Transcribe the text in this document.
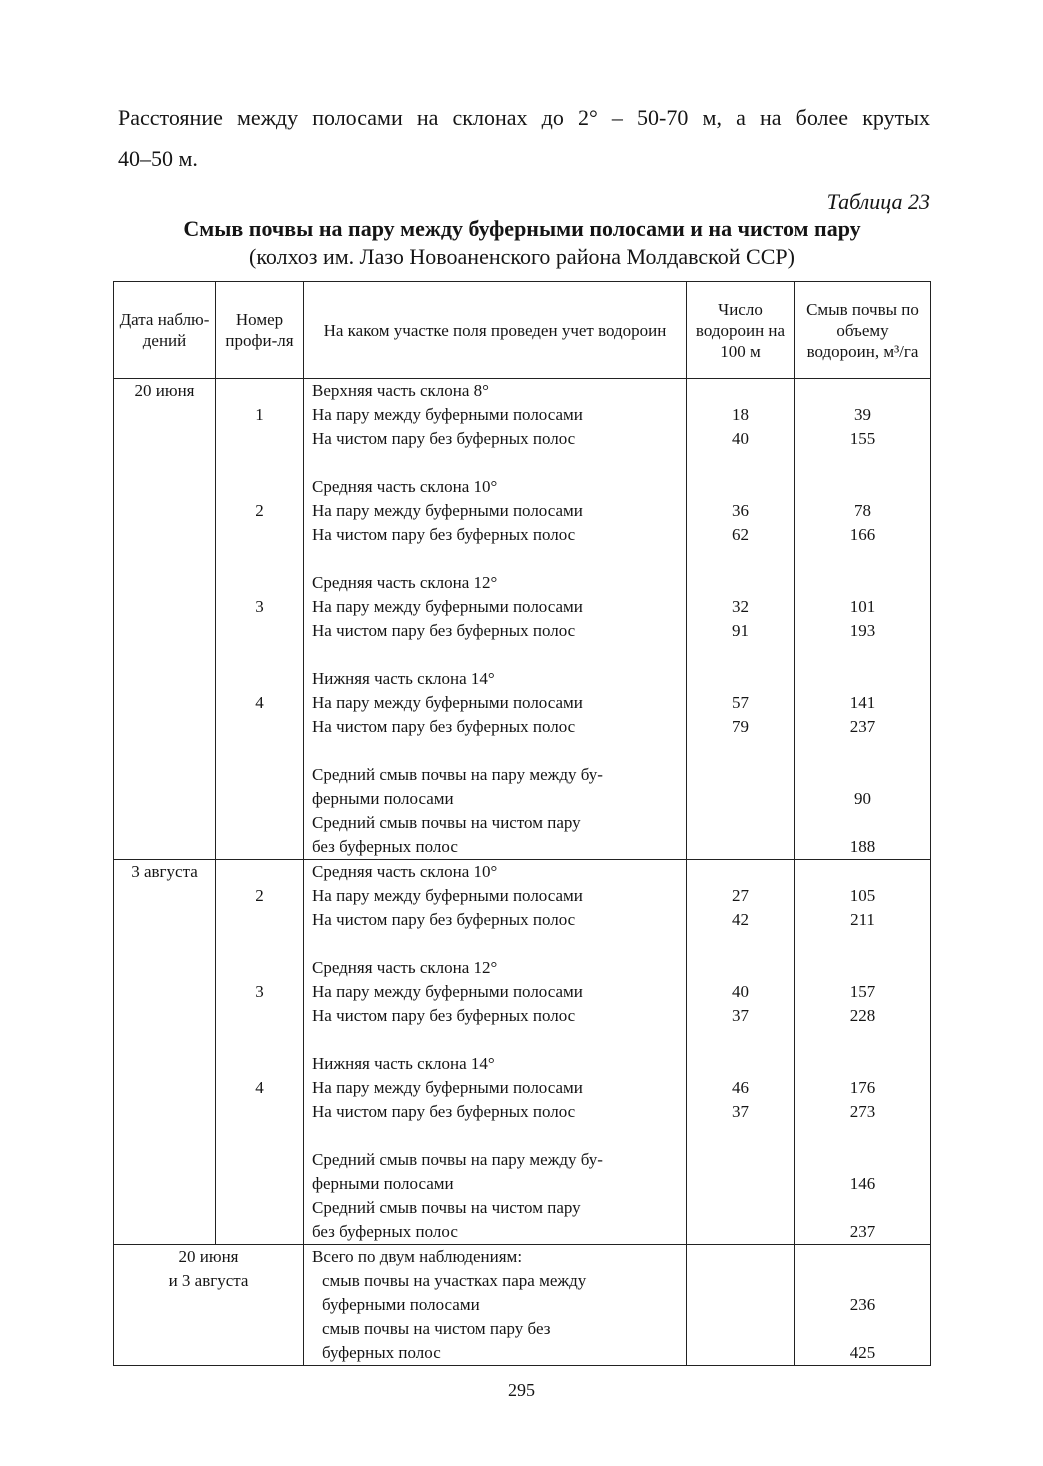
Расстояние между полосами на склонах до 2° – 50-70 м, а на более крутых
40–50 м.
Таблица 23
Смыв почвы на пару между буферными полосами и на чистом пару
(колхоз им. Лазо Новоаненского района Молдавской ССР)
Дата наблю-дений	Номер профи-ля	На каком участке поля проведен учет водороин	Число водороин на 100 м	Смыв почвы по объему водороин, м³/га
20 июня		Верхняя часть склона 8°		
	1	На пару между буферными полосами	18	39
		На чистом пару без буферных полос	40	155

		Средняя часть склона 10°		
	2	На пару между буферными полосами	36	78
		На чистом пару без буферных полос	62	166

		Средняя часть склона 12°		
	3	На пару между буферными полосами	32	101
		На чистом пару без буферных полос	91	193

		Нижняя часть склона 14°		
	4	На пару между буферными полосами	57	141
		На чистом пару без буферных полос	79	237

		Средний смыв почвы на пару между бу-		
		ферными полосами		90
		Средний смыв почвы на чистом пару		
		без буферных полос		188
3 августа		Средняя часть склона 10°		
	2	На пару между буферными полосами	27	105
		На чистом пару без буферных полос	42	211

		Средняя часть склона 12°		
	3	На пару между буферными полосами	40	157
		На чистом пару без буферных полос	37	228

		Нижняя часть склона 14°		
	4	На пару между буферными полосами	46	176
		На чистом пару без буферных полос	37	273

		Средний смыв почвы на пару между бу-		
		ферными полосами		146
		Средний смыв почвы на чистом пару		
		без буферных полос		237
20 июня		Всего по двум наблюдениям:		
и 3 августа		смыв почвы на участках пара между		
		буферными полосами		236
		смыв почвы на чистом пару без		
		буферных полос		425
295
